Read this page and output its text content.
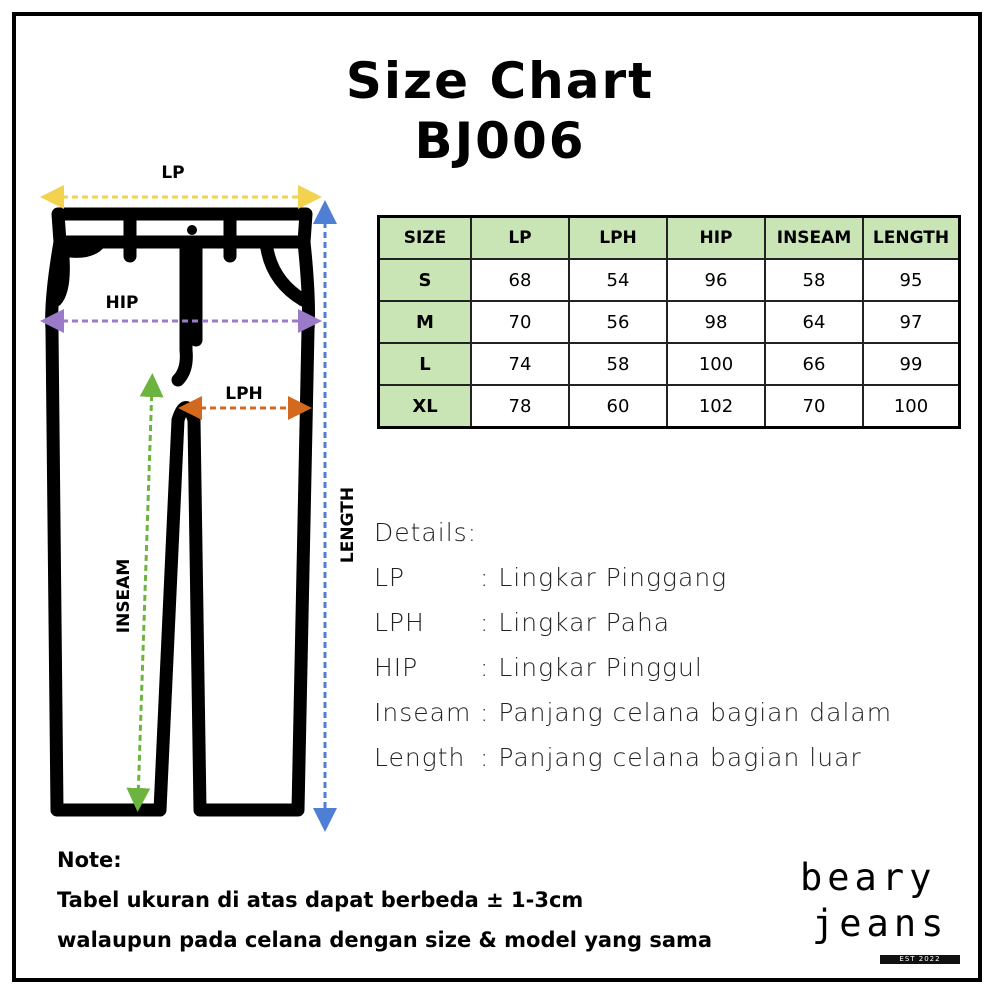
Size Chart
BJ006
LP
HIP
LPH
INSEAM
LENGTH
SIZE	LP	LPH	HIP	INSEAM	LENGTH
S	68	54	96	58	95
M	70	56	98	64	97
L	74	58	100	66	99
XL	78	60	102	70	100
Details:
LP	: Lingkar Pinggang
LPH : Lingkar Paha
HIP : Lingkar Pinggul
Inseam : Panjang celana bagian dalam
Length : Panjang celana bagian luar
Note:
Tabel ukuran di atas dapat berbeda ± 1-3cm
walaupun pada celana dengan size & model yang sama
beary
jeans
EST 2022
